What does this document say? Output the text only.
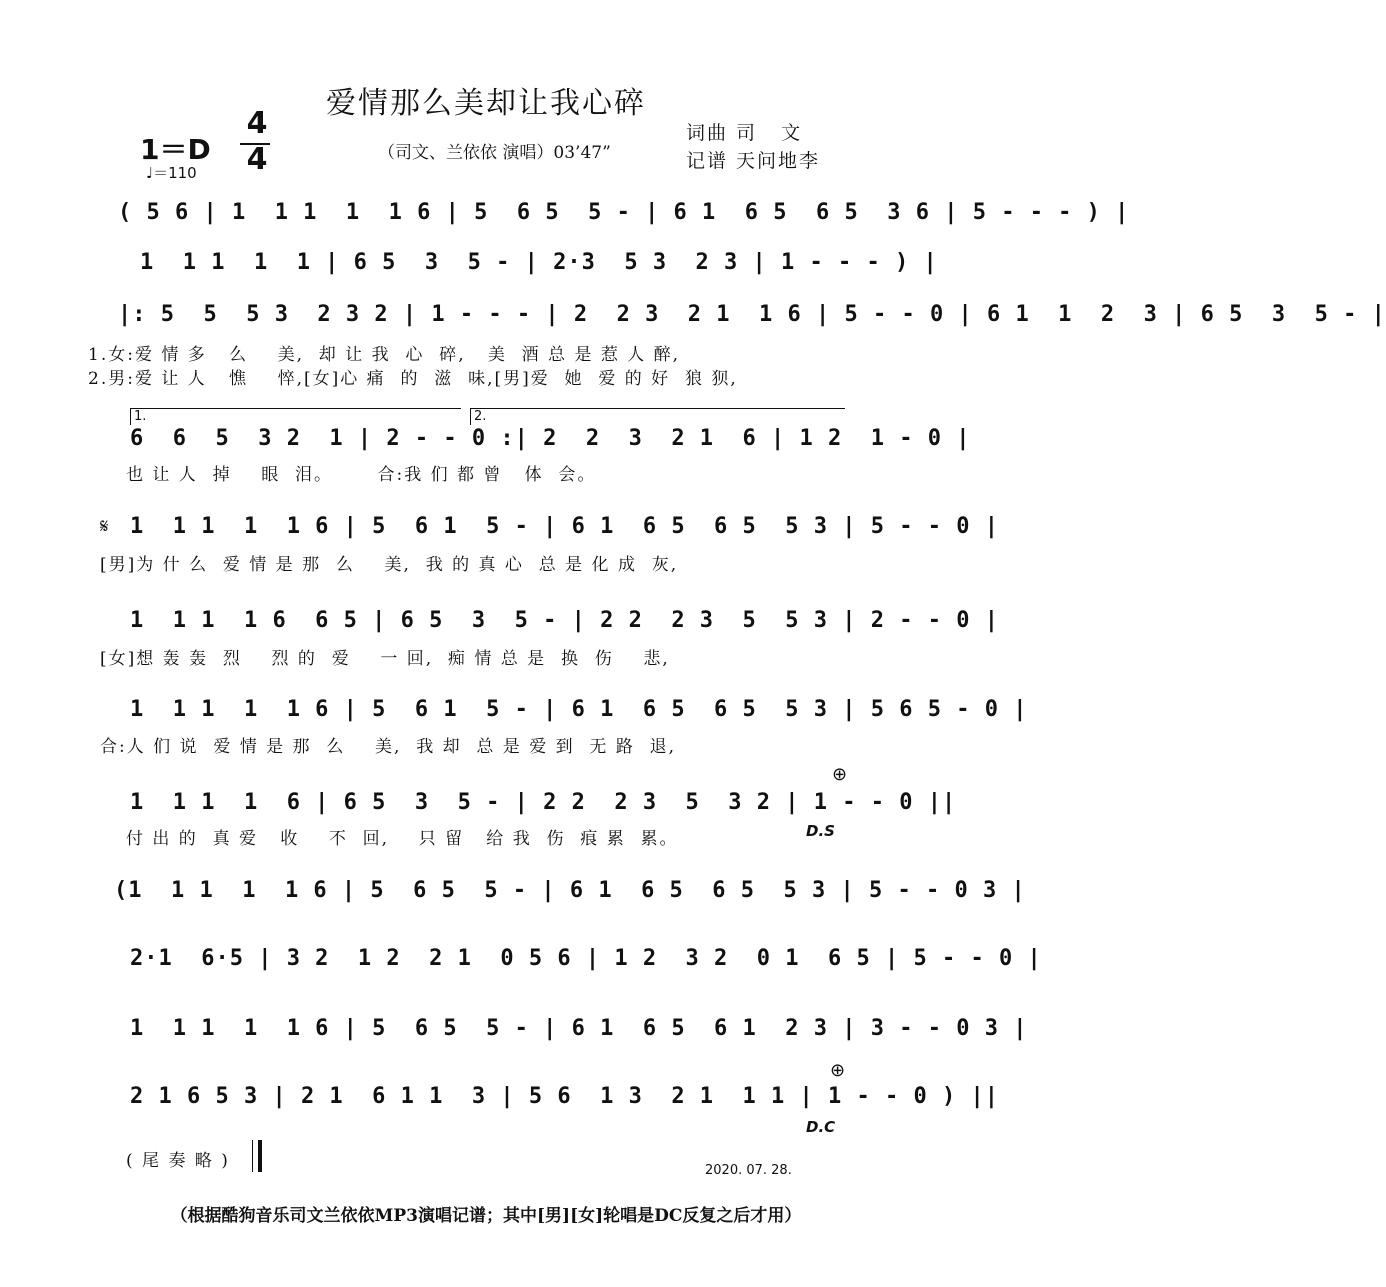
爱情那么美却让我心碎
1＝D
4
4
♩＝110
（司文、兰依依 演唱）03’47”
词曲 司   文
记谱 天问地李
( 5 6 | 1  1 1  1  1 6 | 5  6 5  5 - | 6 1  6 5  6 5  3 6 | 5 - - - ) |
1  1 1  1  1 | 6 5  3  5 - | 2·3  5 3  2 3 | 1 - - - ) |
|: 5  5  5 3  2 3 2 | 1 - - - | 2  2 3  2 1  1 6 | 5 - - 0 | 6 1  1  2  3 | 6 5  3  5 - |
1.女:爱 情 多   么    美,  却 让 我  心  碎,   美  酒 总 是 惹 人 醉,
2.男:爱 让 人   憔    悴,[女]心 痛  的  滋  味,[男]爱  她  爱 的 好  狼 狈,
1.	2.
6  6  5  3 2  1 | 2 - - 0 :| 2  2  3  2 1  6 | 1 2  1 - 0 |
也 让 人  掉    眼  泪。      合:我 们 都 曾   体  会。
𝄋 1  1 1  1  1 6 | 5  6 1  5 - | 6 1  6 5  6 5  5 3 | 5 - - 0 |
[男]为 什 么  爱 情 是 那  么    美,  我 的 真 心  总 是 化 成  灰,
1  1 1  1 6  6 5 | 6 5  3  5 - | 2 2  2 3  5  5 3 | 2 - - 0 |
[女]想 轰 轰  烈    烈 的  爱    一 回,  痴 情 总 是  换  伤    悲,
1  1 1  1  1 6 | 5  6 1  5 - | 6 1  6 5  6 5  5 3 | 5 6 5 - 0 |
合:人 们 说  爱 情 是 那  么    美,  我 却  总 是 爱 到  无 路  退,
⊕
1  1 1  1  6 | 6 5  3  5 - | 2 2  2 3  5  3 2 | 1 - - 0 ||
付 出 的  真 爱   收    不  回,    只 留   给 我  伤  痕 累  累。	D.S
(1  1 1  1  1 6 | 5  6 5  5 - | 6 1  6 5  6 5  5 3 | 5 - - 0 3 |
2·1  6·5 | 3 2  1 2  2 1  0 5 6 | 1 2  3 2  0 1  6 5 | 5 - - 0 |
1  1 1  1  1 6 | 5  6 5  5 - | 6 1  6 5  6 1  2 3 | 3 - - 0 3 |
⊕
2 1 6 5 3 | 2 1  6 1 1  3 | 5 6  1 3  2 1  1 1 | 1 - - 0 ) ||
D.C
( 尾 奏 略 )	2020. 07. 28.
（根据酷狗音乐司文兰依依MP3演唱记谱；其中[男][女]轮唱是DC反复之后才用）
